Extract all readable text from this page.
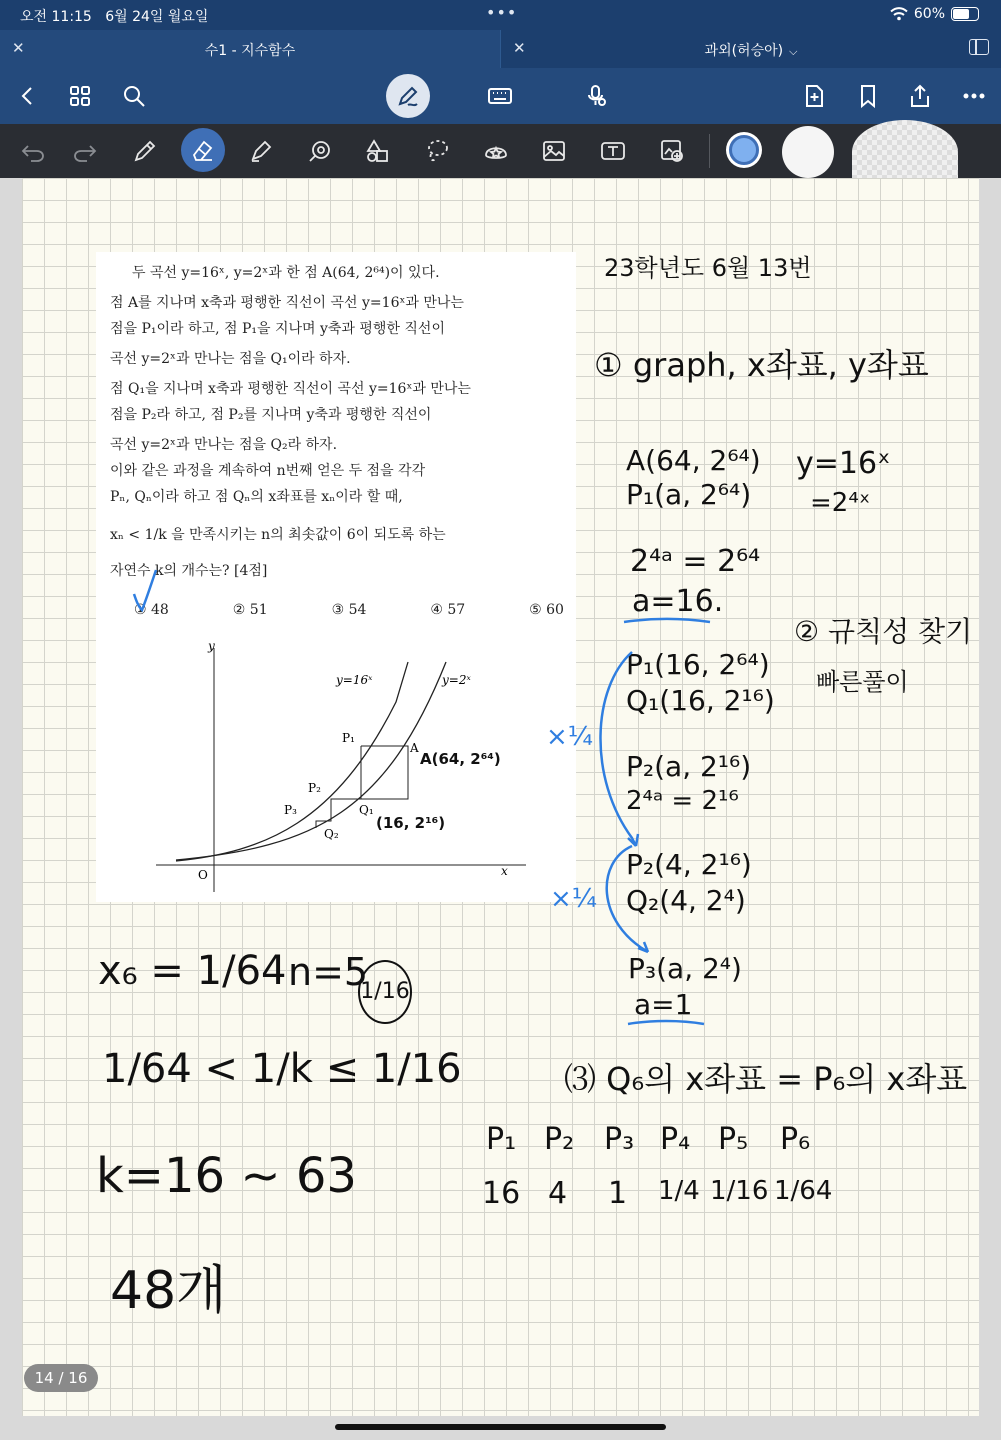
오전 11:15 6월 24일 월요일	•••	60%
✕	수1 - 지수함수	✕	과외(허승아) ⌵
두 곡선 y=16ˣ, y=2ˣ과 한 점 A(64, 2⁶⁴)이 있다.
점 A를 지나며 x축과 평행한 직선이 곡선 y=16ˣ과 만나는
점을 P₁이라 하고, 점 P₁을 지나며 y축과 평행한 직선이
곡선 y=2ˣ과 만나는 점을 Q₁이라 하자.
점 Q₁을 지나며 x축과 평행한 직선이 곡선 y=16ˣ과 만나는
점을 P₂라 하고, 점 P₂를 지나며 y축과 평행한 직선이
곡선 y=2ˣ과 만나는 점을 Q₂라 하자.
이와 같은 과정을 계속하여 n번째 얻은 두 점을 각각
Pₙ, Qₙ이라 하고 점 Qₙ의 x좌표를 xₙ이라 할 때,
xₙ < 1/k 을 만족시키는 n의 최솟값이 6이 되도록 하는
자연수 k의 개수는? [4점]
① 48	② 51	③ 54	④ 57	⑤ 60
y
x
O
y=16ˣ	y=2ˣ
P₁
A
P₂
Q₁
P₃
Q₂
A(64, 2⁶⁴)
(16, 2¹⁶)
23학년도 6월 13번
① graph, x좌표, y좌표
A(64, 2⁶⁴)
P₁(a, 2⁶⁴)
y=16ˣ
=2⁴ˣ
2⁴ᵃ = 2⁶⁴
a=16.
② 규칙성 찾기
빠른풀이
P₁(16, 2⁶⁴)
Q₁(16, 2¹⁶)
P₂(a, 2¹⁶)
2⁴ᵃ = 2¹⁶
P₂(4, 2¹⁶)
Q₂(4, 2⁴)
P₃(a, 2⁴)
a=1
×¼
×¼
x₆ = 1/64 n=5
1/16
1/64 < 1/k ≤ 1/16
k=16 ~ 63
48개
⑶ Q₆의 x좌표 = P₆의 x좌표
P₁ P₂ P₃ P₄ P₅ P₆
16 4 1 1/4 1/16 1/64
14 / 16
